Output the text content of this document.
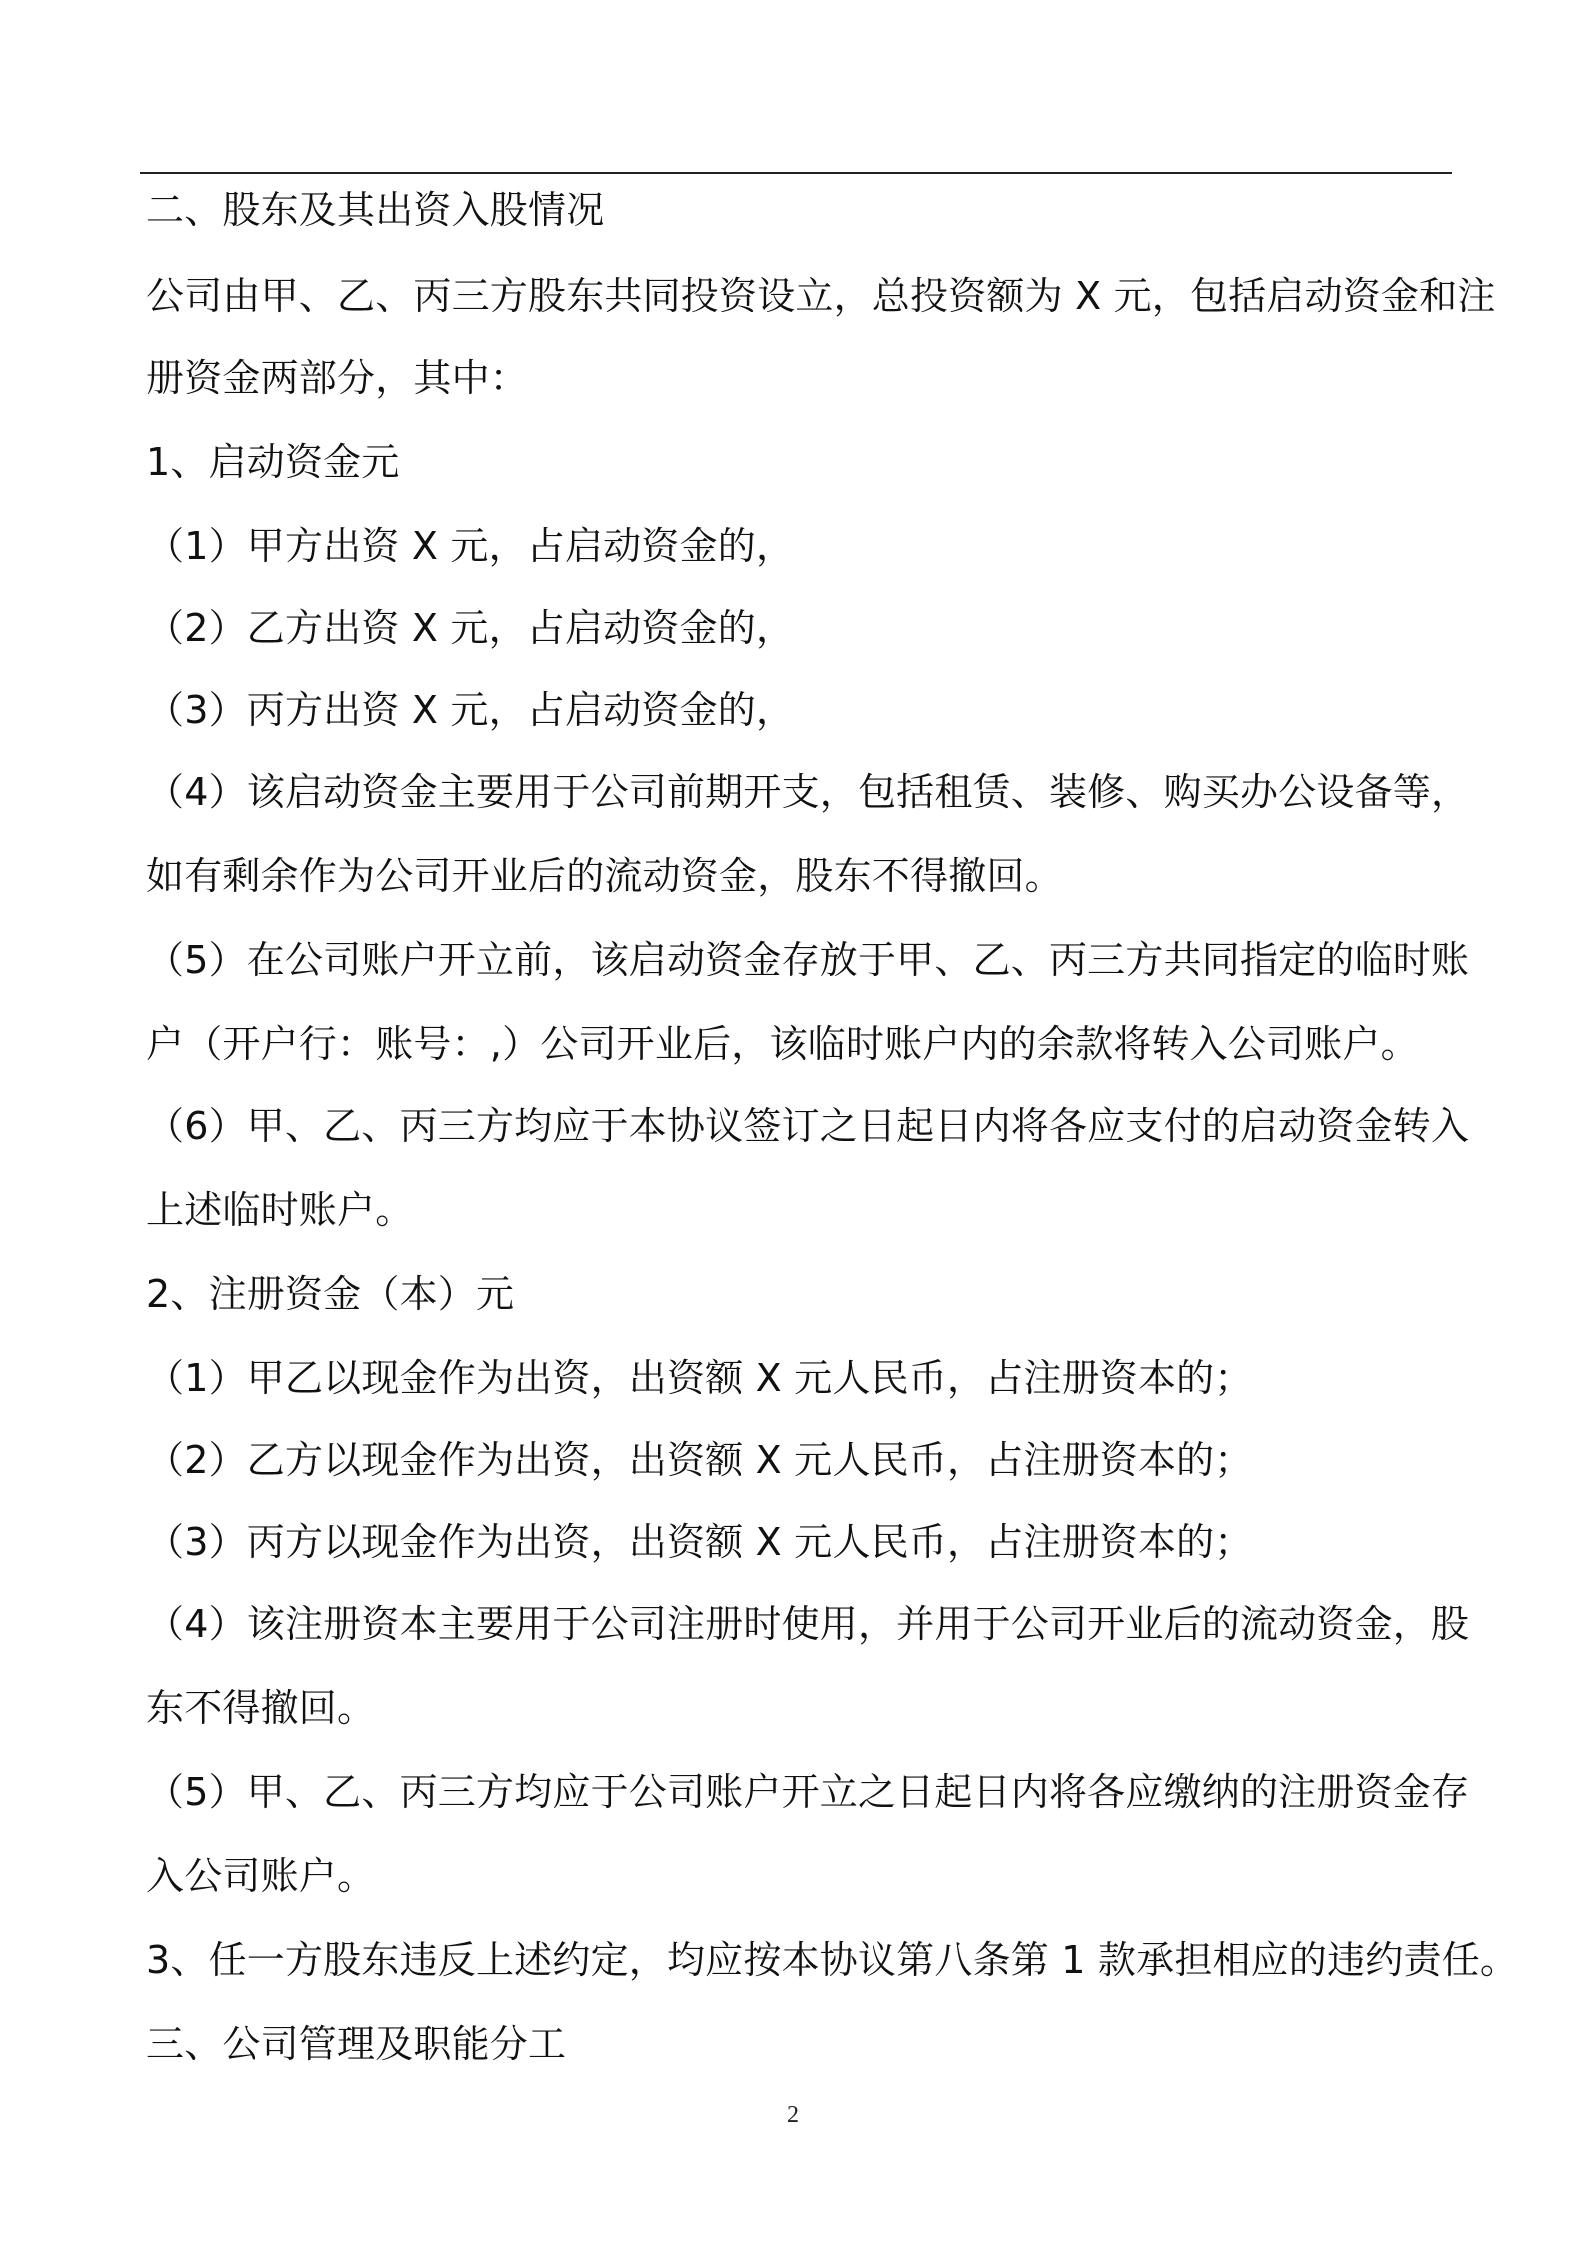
二、股东及其出资入股情况
公司由甲、乙、丙三方股东共同投资设立，总投资额为 X 元，包括启动资金和注
册资金两部分，其中：
1、启动资金元
（1）甲方出资 X 元，占启动资金的，
（2）乙方出资 X 元，占启动资金的，
（3）丙方出资 X 元，占启动资金的，
（4）该启动资金主要用于公司前期开支，包括租赁、装修、购买办公设备等，
如有剩余作为公司开业后的流动资金，股东不得撤回。
（5）在公司账户开立前，该启动资金存放于甲、乙、丙三方共同指定的临时账
户（开户行：账号：,）公司开业后，该临时账户内的余款将转入公司账户。
（6）甲、乙、丙三方均应于本协议签订之日起日内将各应支付的启动资金转入
上述临时账户。
2、注册资金（本）元
（1）甲乙以现金作为出资，出资额 X 元人民币，占注册资本的；
（2）乙方以现金作为出资，出资额 X 元人民币，占注册资本的；
（3）丙方以现金作为出资，出资额 X 元人民币，占注册资本的；
（4）该注册资本主要用于公司注册时使用，并用于公司开业后的流动资金，股
东不得撤回。
（5）甲、乙、丙三方均应于公司账户开立之日起日内将各应缴纳的注册资金存
入公司账户。
3、任一方股东违反上述约定，均应按本协议第八条第 1 款承担相应的违约责任。
三、公司管理及职能分工
2
